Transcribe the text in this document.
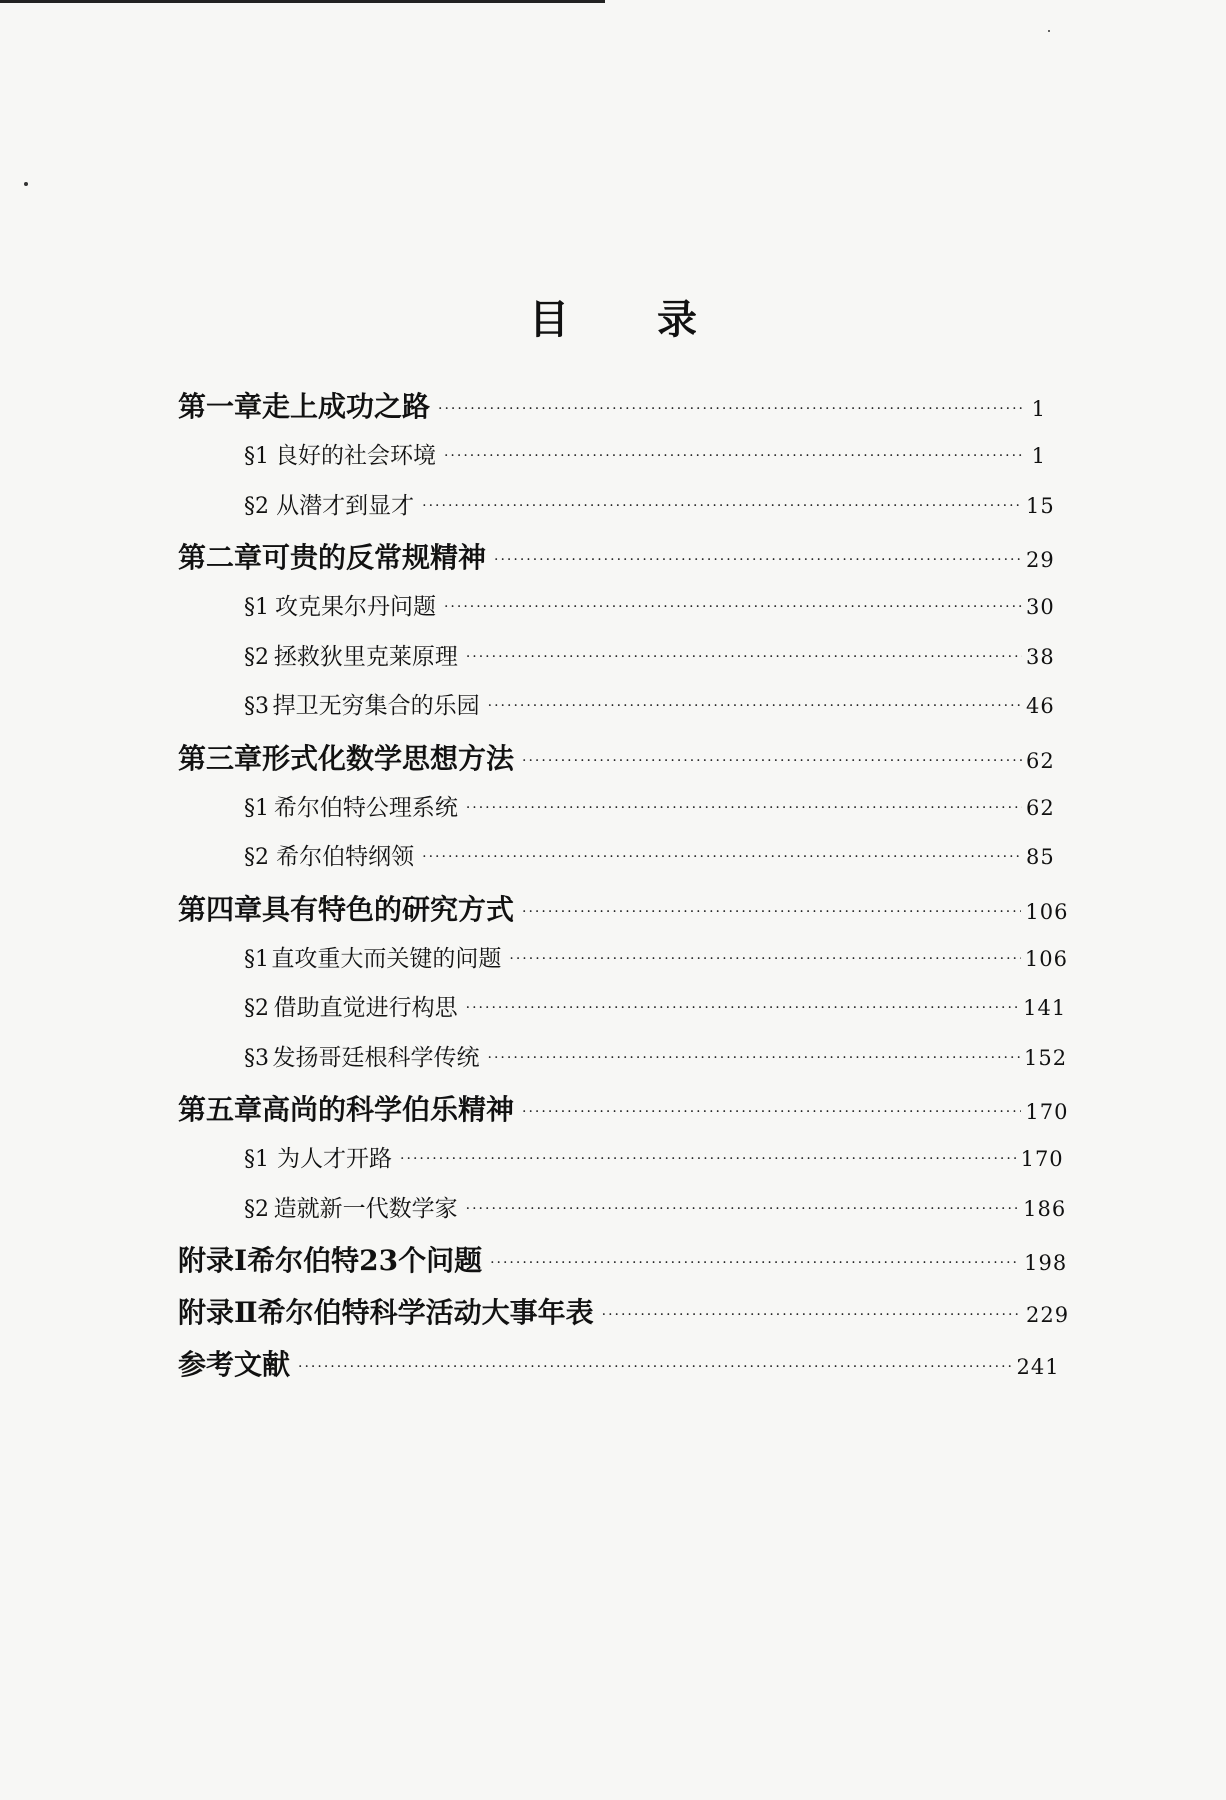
目 录
第一章 走上成功之路 ·····	1
§1 良好的社会环境 ·····	1
§2 从潜才到显才 ·····	15
第二章 可贵的反常规精神 ·····	29
§1 攻克果尔丹问题 ·····	30
§2 拯救狄里克莱原理 ·····	38
§3 捍卫无穷集合的乐园 ·····	46
第三章 形式化数学思想方法 ·····	62
§1 希尔伯特公理系统 ·····	62
§2 希尔伯特纲领 ·····	85
第四章 具有特色的研究方式 ·····	106
§1 直攻重大而关键的问题 ·····	106
§2 借助直觉进行构思 ·····	141
§3 发扬哥廷根科学传统 ·····	152
第五章 高尚的科学伯乐精神 ·····	170
§1 为人才开路 ·····	170
§2 造就新一代数学家 ·····	186
附录Ⅰ 希尔伯特23个问题 ·····	198
附录Ⅱ 希尔伯特科学活动大事年表 ·····	229
参考文献 ·····	241
